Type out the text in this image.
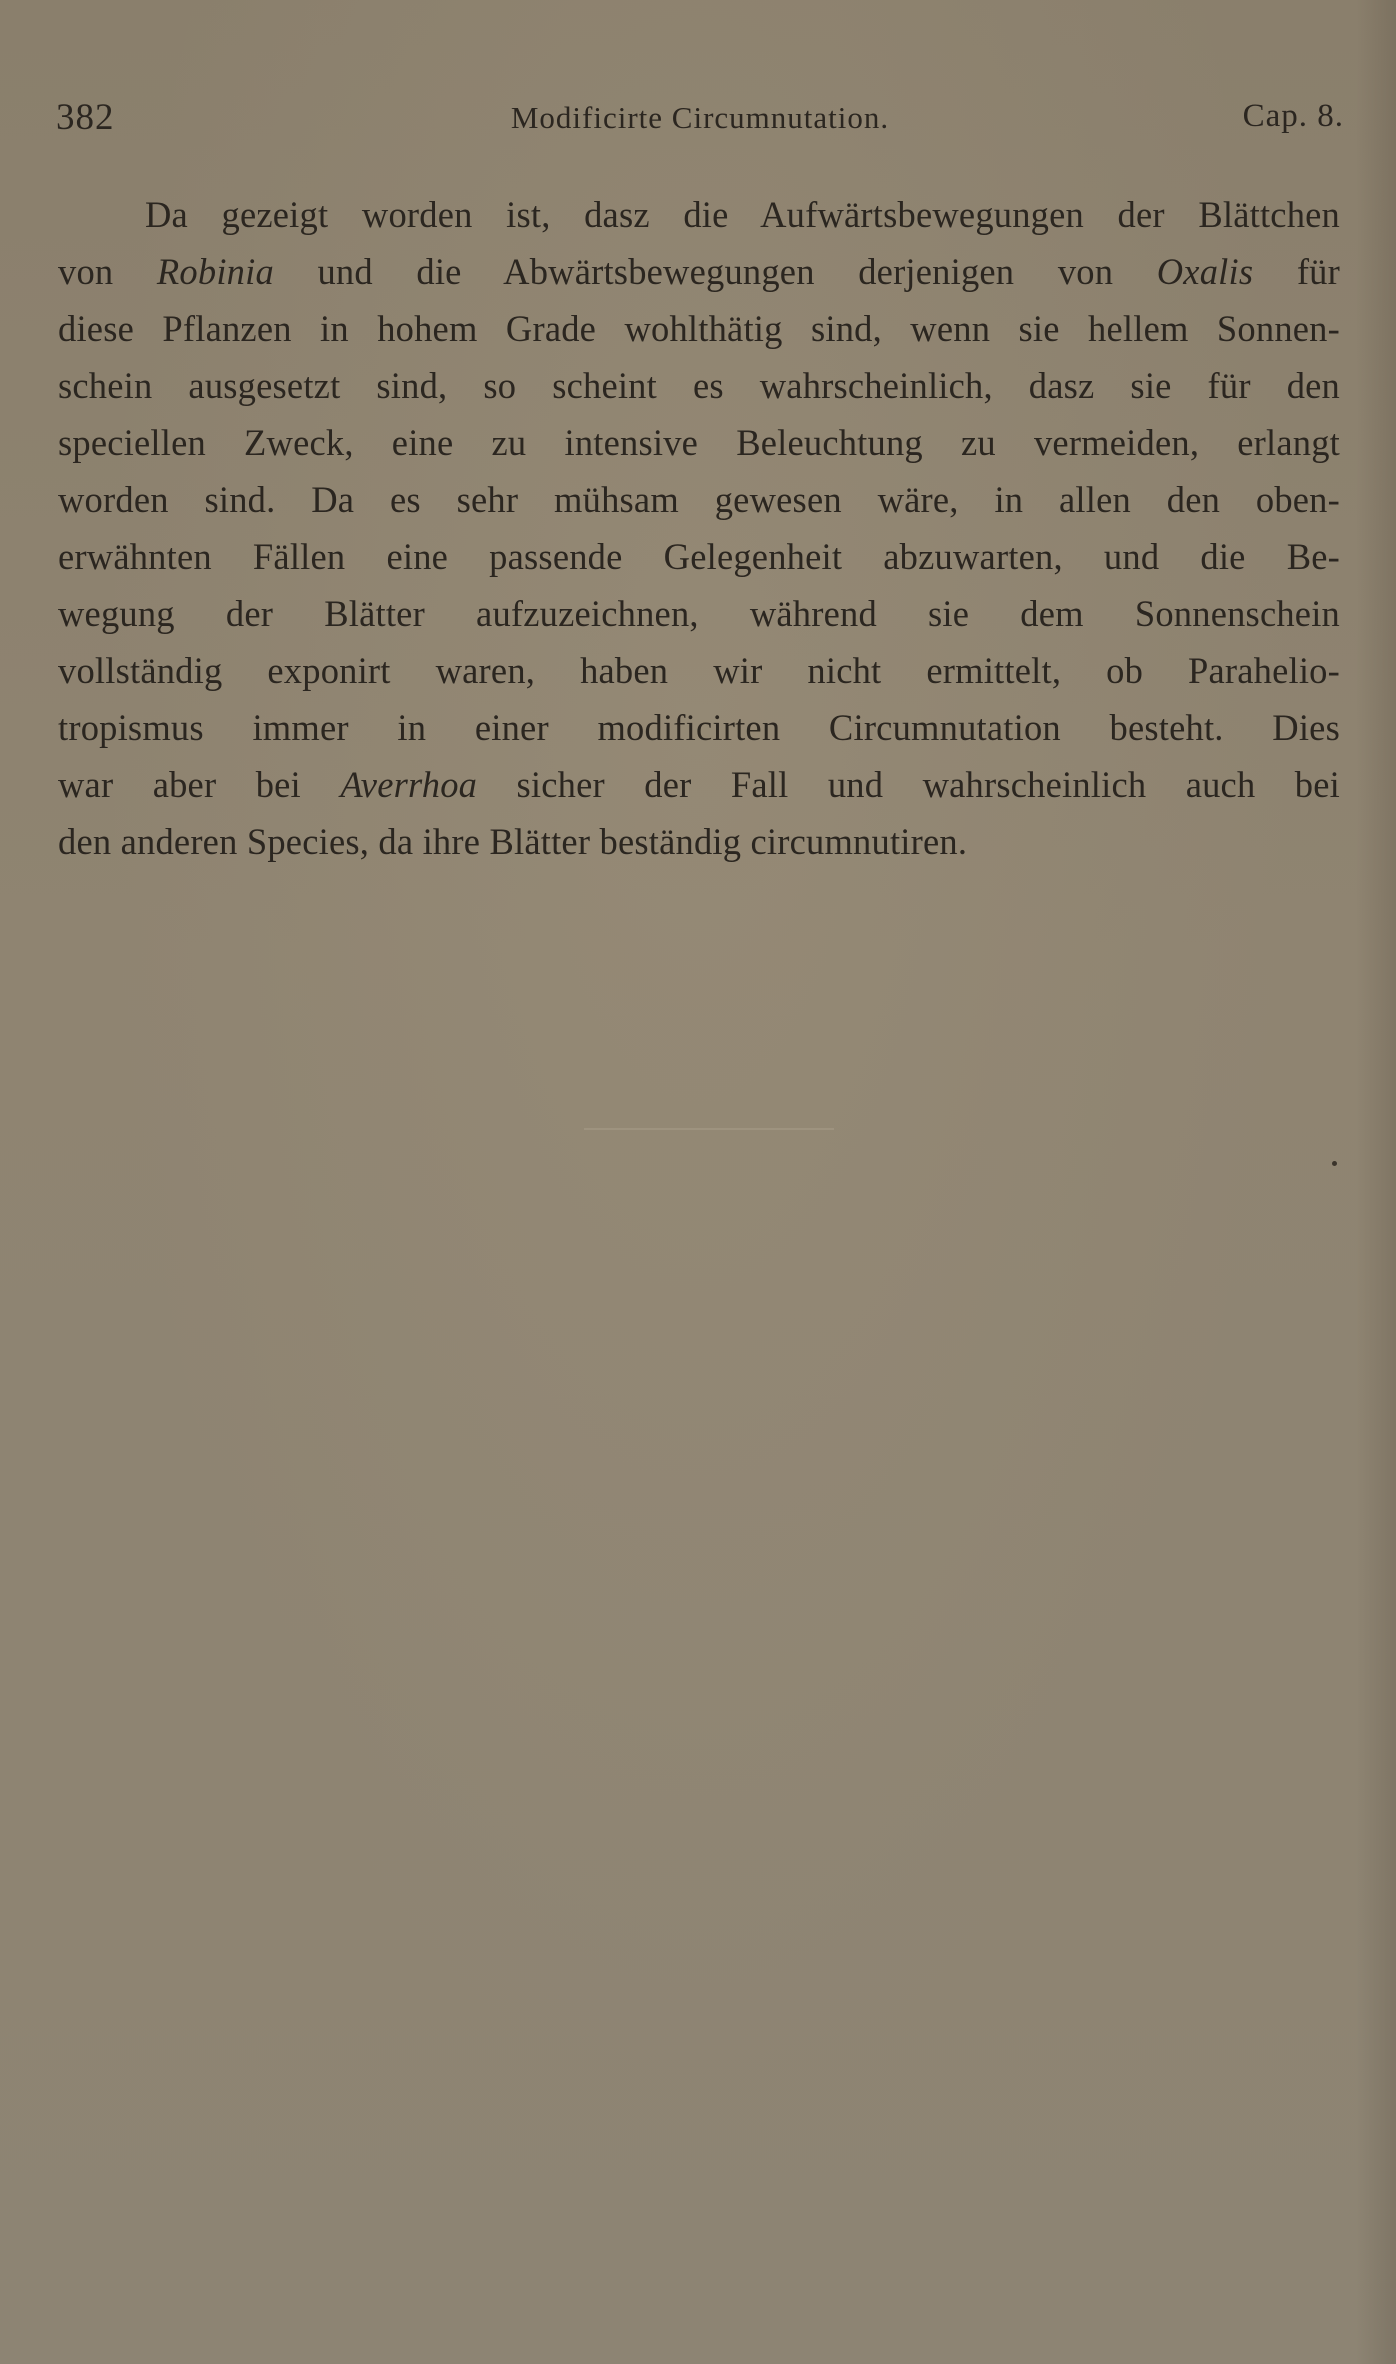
382	Modificirte Circumnutation.	Cap. 8.
Da gezeigt worden ist, dasz die Aufwärtsbewegungen der Blättchen
von Robinia und die Abwärtsbewegungen derjenigen von Oxalis für
diese Pflanzen in hohem Grade wohlthätig sind, wenn sie hellem Sonnen-
schein ausgesetzt sind, so scheint es wahrscheinlich, dasz sie für den
speciellen Zweck, eine zu intensive Beleuchtung zu vermeiden, erlangt
worden sind. Da es sehr mühsam gewesen wäre, in allen den oben-
erwähnten Fällen eine passende Gelegenheit abzuwarten, und die Be-
wegung der Blätter aufzuzeichnen, während sie dem Sonnenschein
vollständig exponirt waren, haben wir nicht ermittelt, ob Parahelio-
tropismus immer in einer modificirten Circumnutation besteht. Dies
war aber bei Averrhoa sicher der Fall und wahrscheinlich auch bei
den anderen Species, da ihre Blätter beständig circumnutiren.
